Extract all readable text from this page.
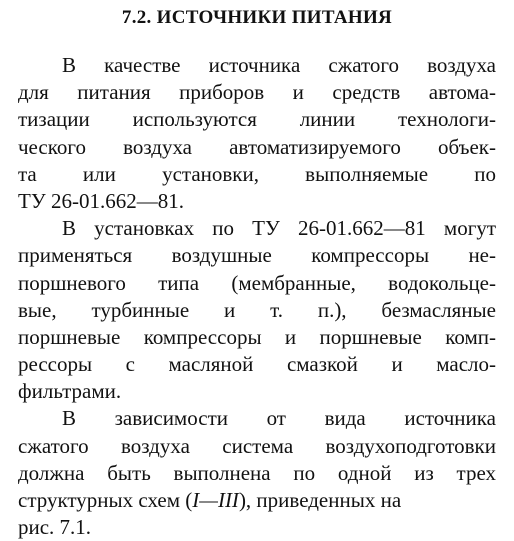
7.2. ИСТОЧНИКИ ПИТАНИЯ
В качестве источника сжатого воздуха
для питания приборов и средств автома-
тизации используются линии технологи-
ческого воздуха автоматизируемого объек-
та или установки, выполняемые по
ТУ 26-01.662—81.
В установках по ТУ 26-01.662—81 могут
применяться воздушные компрессоры не-
поршневого типа (мембранные, водокольце-
вые, турбинные и т. п.), безмасляные
поршневые компрессоры и поршневые комп-
рессоры с масляной смазкой и масло-
фильтрами.
В зависимости от вида источника
сжатого воздуха система воздухоподготовки
должна быть выполнена по одной из трех
структурных схем (I—III), приведенных на
рис. 7.1.
